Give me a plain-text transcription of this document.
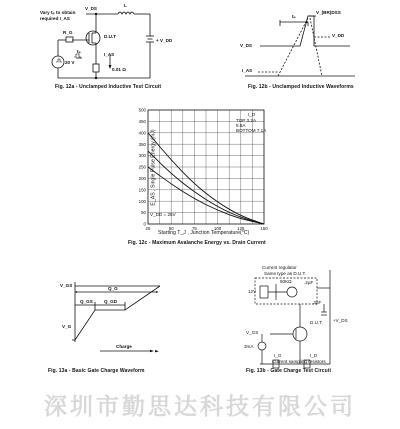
Vary tₚ to obtain
required I_AS
V_DS
L
R_G
D.U.T
+ V_DD
20 V
tₚ
I_AS
0.01 Ω
Fig. 12a - Unclamped Inductive Test Circuit
V_(BR)DSS
tₚ
V_DS
V_DD
I_AS
Fig. 12b - Unclamped Inductive Waveforms
0
50
100
150
200
250
300
350
400
450
500
25	50	75	100	125	150
E_AS , Single Pulse Energy (mJ)
Starting T_J , Junction Temperature(°C)
I_D
TOP 3.2A
5.8A
BOTTOM 7.1A
V_DD = 25V
Fig. 12c - Maximum Avalanche Energy vs. Drain Current
V_GS
V_G
Q_G
Q_GS Q_GD
Charge
Fig. 13a - Basic Gate Charge Waveform
Current regulator
Same type as D.U.T.
50KΩ
12V
.2µF
.3µF
D.U.T. +V_DS
V_GS
3mA
I_G	I_D
Current sampling resistors
Fig. 13b - Gate Charge Test Circuit
深圳市勤思达科技有限公司
